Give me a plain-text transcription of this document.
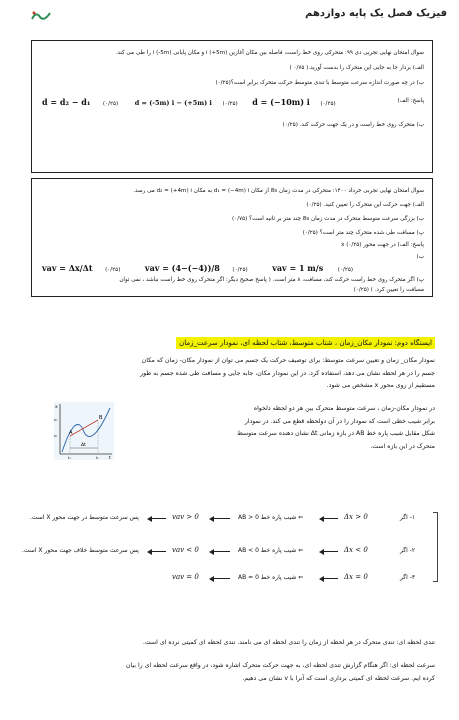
فیزیک فصل یک پایه دوازدهم
سوال امتحان نهایی تجربی دی ۹۹: متحرکی روی خط راست، فاصله بین مکان آغازین i (+5m) و مکان پایانی i (-5m) را طی می کند.
الف) بردار جا به جایی این متحرک را بدست آورید.( ۰/۷۵ )
ب) در چه صورت اندازه سرعت متوسط با تندی متوسط حرکت متحرک برابر است؟(۰/۲۵)
d = d₂ − d₁ (۰/۲۵)	d = (-5m) i − (+5m) i (۰/۲۵) d = (−10m) i (۰/۲۵)	پاسخ: الف)
ب) متحرک روی خط راست و در یک جهت حرکت کند. (۰/۲۵)
سوال امتحان نهایی تجربی خرداد ۱۴۰۰: متحرکی در مدت زمان 8s از مکان d₁ = (−4m) i به مکان d₂ = (+4m) i می رسد.
الف) جهت حرکت این متحرک را تعیین کنید. (۰/۲۵)
ب) بزرگی سرعت متوسط متحرک در مدت زمان 8s چند متر بر ثانیه است؟ (۰/۷۵)
پ) مسافت طی شده متحرک چند متر است؟ (۰/۲۵)
پاسخ: الف) در جهت محور x (۰/۲۵)
ب)
vav = Δx/Δt (۰/۲۵)	vav = (4−(−4))/8 (۰/۲۵)	vav = 1 m/s	(۰/۲۵)
پ) اگر متحرک روی خط راست حرکت کند، مسافت، ۸ متر است. ( پاسخ صحیح دیگر: اگر متحرک روی خط راست نباشد ، نمی توان
مسافت را تعیین کرد. ) (۰/۲۵)
ایستگاه دوم: نمودار مکان_زمان ، شتاب متوسط، شتاب لحظه ای، نمودار سرعت_زمان
نمودار مکان_ زمان و تعیین سرعت متوسط: برای توصیف حرکت یک جسم می توان از نمودار مکان- زمان که مکان
جسم را در هر لحظه نشان می دهد، استفاده کرد. در این نمودار مکان، جابه جایی و مسافت طی شده جسم به طور
مستقیم از روی محور x مشخص می شود.
در نمودار مکان-زمان ، سرعت متوسط متحرک بین هر دو لحظه دلخواه
برابر شیب خطی است که نمودار را در آن دولحظه قطع می کند. در نمودار
شکل مقابل شیب پاره خط AB در بازه زمانی Δt نشان دهنده سرعت متوسط
متحرک در این بازه است.
A
B
Δt
t
x
t₁	t₂
x₁
x₂
۱- اگر
Δx > 0
⇐ شیب پاره خط AB > 0
vav > 0
پس سرعت متوسط در جهت محور X است.
۲- اگر
Δx < 0
⇐ شیب پاره خط AB < 0
vav < 0
پس سرعت متوسط خلاف جهت محور X است.
۳- اگر
Δx = 0
⇐ شیب پاره خط AB = 0
vav = 0
تندی لحظه ای: تندی متحرک در هر لحظه از زمان را تندی لحظه ای می نامند. تندی لحظه ای کمیتی نرده ای است.
سرعت لحظه ای: اگر هنگام گزارش تندی لحظه ای، به جهت حرکت متحرک اشاره شود، در واقع سرعت لحظه ای را بیان
کرده ایم. سرعت لحظه ای کمیتی برداری است که آنرا با v نشان می دهیم.
